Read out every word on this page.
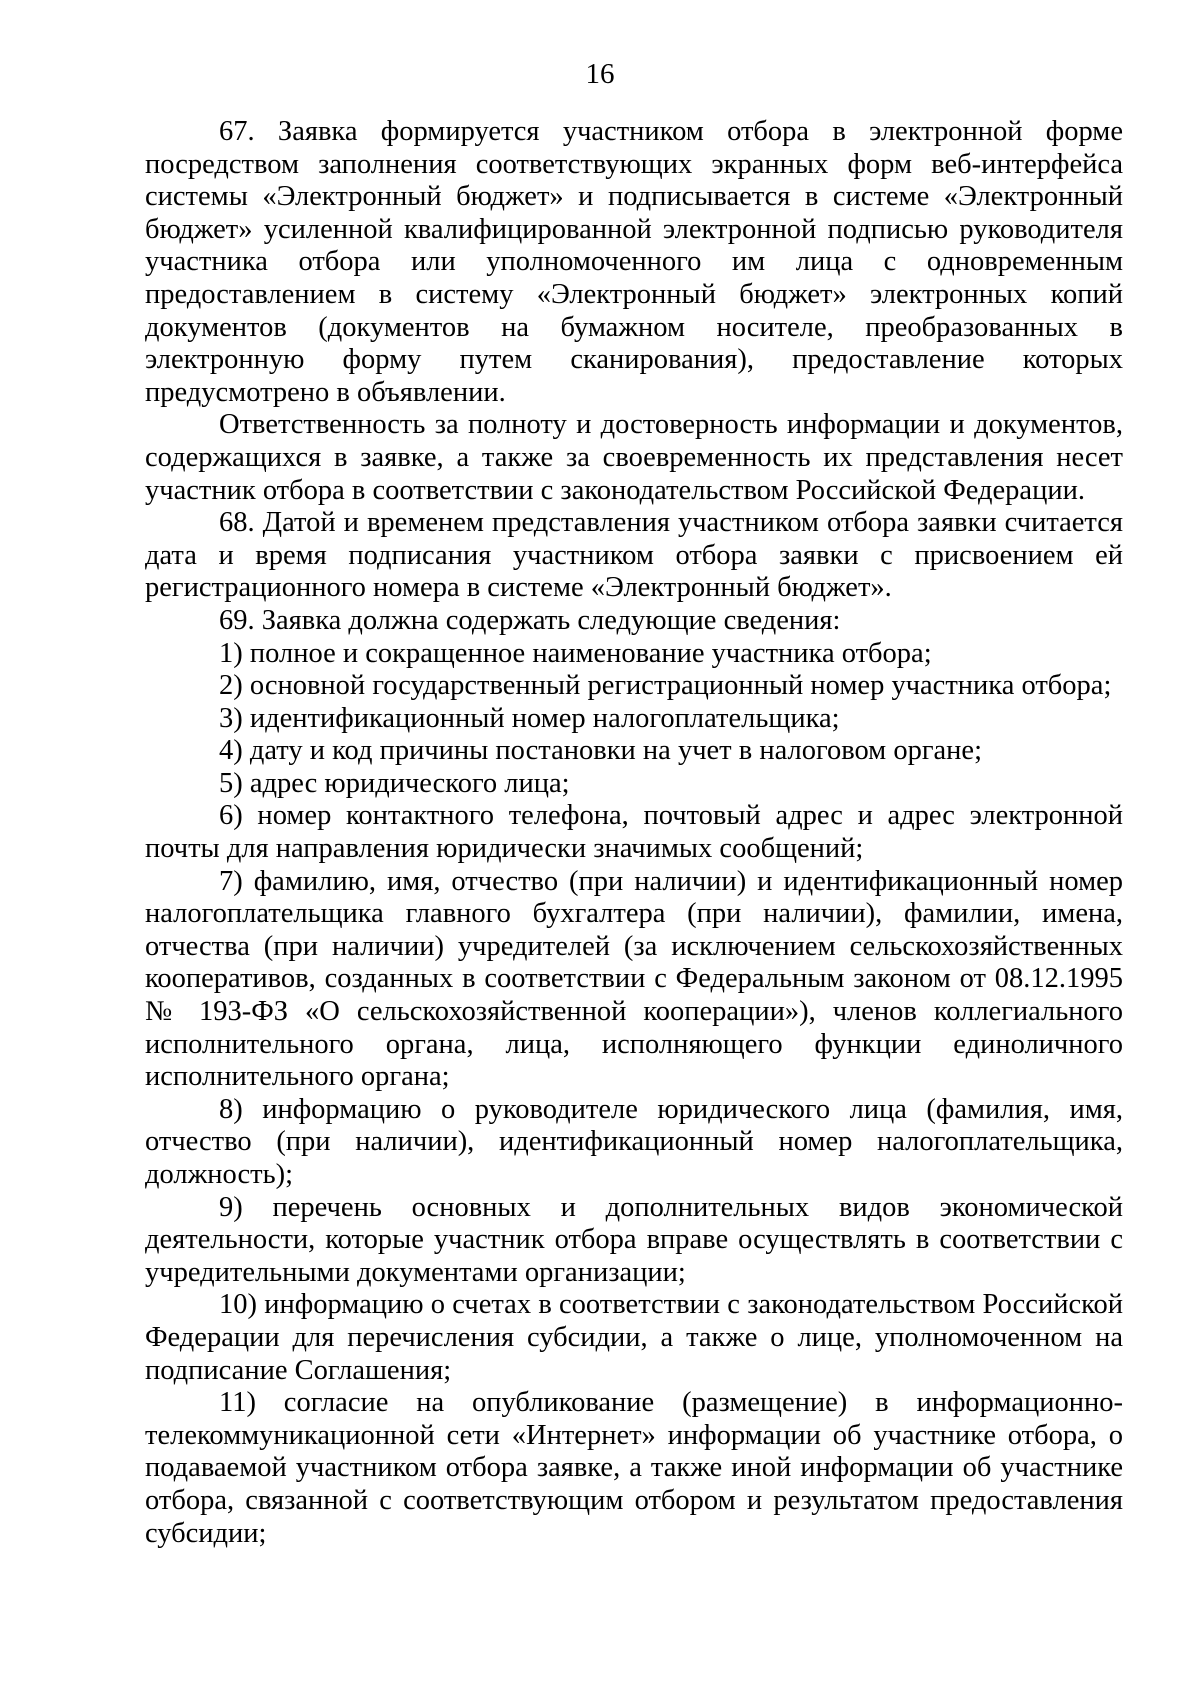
16

67. Заявка формируется участником отбора в электронной форме посредством заполнения соответствующих экранных форм веб-интерфейса системы «Электронный бюджет» и подписывается в системе «Электронный бюджет» усиленной квалифицированной электронной подписью руководителя участника отбора или уполномоченного им лица с одновременным предоставлением в систему «Электронный бюджет» электронных копий документов (документов на бумажном носителе, преобразованных в электронную форму путем сканирования), предоставление которых предусмотрено в объявлении.

Ответственность за полноту и достоверность информации и документов, содержащихся в заявке, а также за своевременность их представления несет участник отбора в соответствии с законодательством Российской Федерации.

68. Датой и временем представления участником отбора заявки считается дата и время подписания участником отбора заявки с присвоением ей регистрационного номера в системе «Электронный бюджет».

69. Заявка должна содержать следующие сведения:

1) полное и сокращенное наименование участника отбора;

2) основной государственный регистрационный номер участника отбора;

3) идентификационный номер налогоплательщика;

4) дату и код причины постановки на учет в налоговом органе;

5) адрес юридического лица;

6) номер контактного телефона, почтовый адрес и адрес электронной почты для направления юридически значимых сообщений;

7) фамилию, имя, отчество (при наличии) и идентификационный номер налогоплательщика главного бухгалтера (при наличии), фамилии, имена, отчества (при наличии) учредителей (за исключением сельскохозяйственных кооперативов, созданных в соответствии с Федеральным законом от 08.12.1995 № 193-ФЗ «О сельскохозяйственной кооперации»), членов коллегиального исполнительного органа, лица, исполняющего функции единоличного исполнительного органа;

8) информацию о руководителе юридического лица (фамилия, имя, отчество (при наличии), идентификационный номер налогоплательщика, должность);

9) перечень основных и дополнительных видов экономической деятельности, которые участник отбора вправе осуществлять в соответствии с учредительными документами организации;

10) информацию о счетах в соответствии с законодательством Российской Федерации для перечисления субсидии, а также о лице, уполномоченном на подписание Соглашения;

11) согласие на опубликование (размещение) в информационно-телекоммуникационной сети «Интернет» информации об участнике отбора, о подаваемой участником отбора заявке, а также иной информации об участнике отбора, связанной с соответствующим отбором и результатом предоставления субсидии;
